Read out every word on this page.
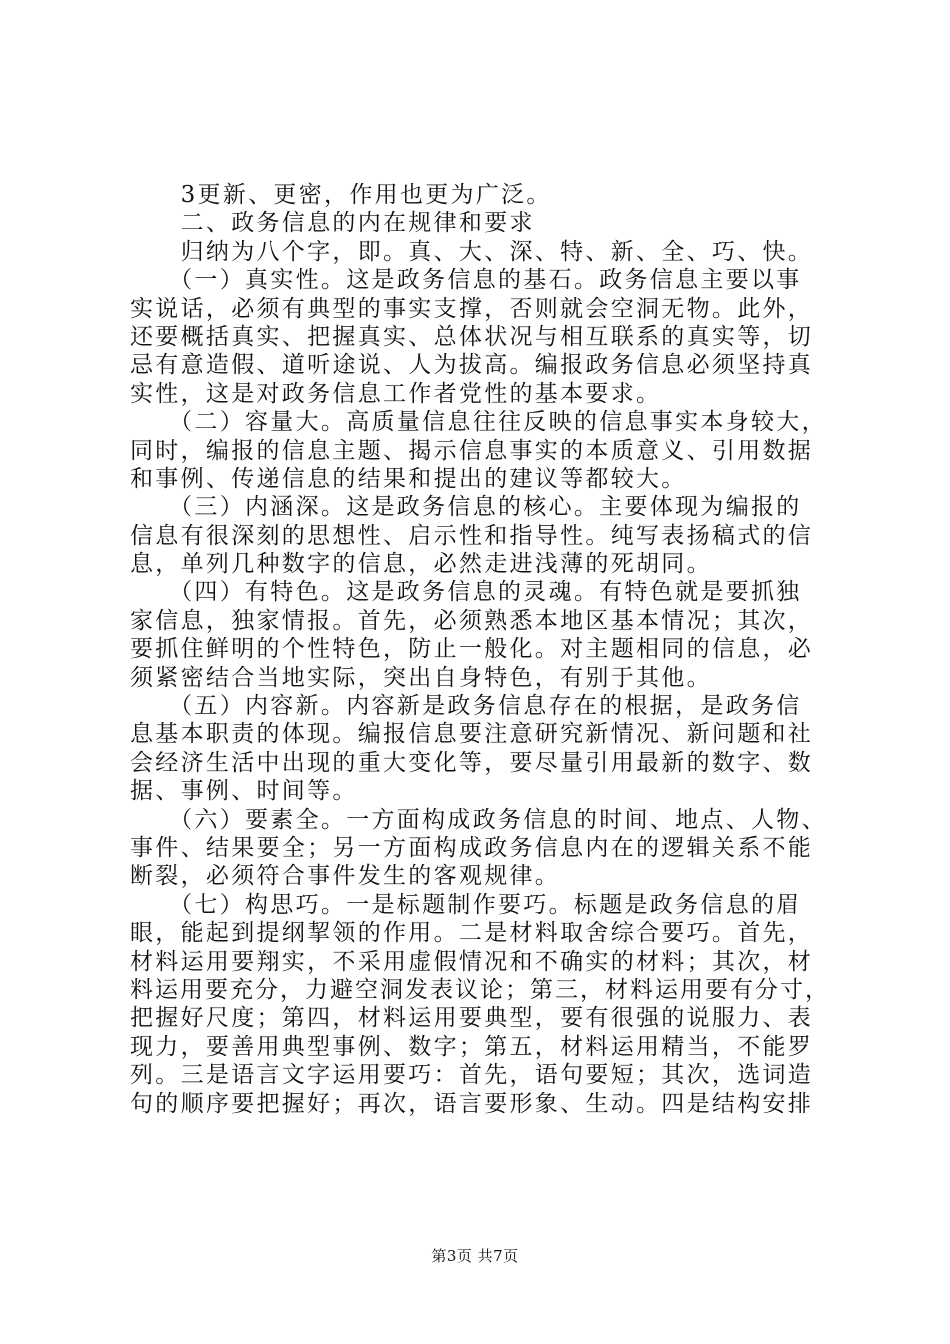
　　3更新、更密，作用也更为广泛。
　　二、政务信息的内在规律和要求
　　归纳为八个字，即。真、大、深、特、新、全、巧、快。
　　（一）真实性。这是政务信息的基石。政务信息主要以事
实说话，必须有典型的事实支撑，否则就会空洞无物。此外，
还要概括真实、把握真实、总体状况与相互联系的真实等，切
忌有意造假、道听途说、人为拔高。编报政务信息必须坚持真
实性，这是对政务信息工作者党性的基本要求。
　　（二）容量大。高质量信息往往反映的信息事实本身较大，
同时，编报的信息主题、揭示信息事实的本质意义、引用数据
和事例、传递信息的结果和提出的建议等都较大。
　　（三）内涵深。这是政务信息的核心。主要体现为编报的
信息有很深刻的思想性、启示性和指导性。纯写表扬稿式的信
息，单列几种数字的信息，必然走进浅薄的死胡同。
　　（四）有特色。这是政务信息的灵魂。有特色就是要抓独
家信息，独家情报。首先，必须熟悉本地区基本情况；其次，
要抓住鲜明的个性特色，防止一般化。对主题相同的信息，必
须紧密结合当地实际，突出自身特色，有别于其他。
　　（五）内容新。内容新是政务信息存在的根据，是政务信
息基本职责的体现。编报信息要注意研究新情况、新问题和社
会经济生活中出现的重大变化等，要尽量引用最新的数字、数
据、事例、时间等。
　　（六）要素全。一方面构成政务信息的时间、地点、人物、
事件、结果要全；另一方面构成政务信息内在的逻辑关系不能
断裂，必须符合事件发生的客观规律。
　　（七）构思巧。一是标题制作要巧。标题是政务信息的眉
眼，能起到提纲挈领的作用。二是材料取舍综合要巧。首先，
材料运用要翔实，不采用虚假情况和不确实的材料；其次，材
料运用要充分，力避空洞发表议论；第三，材料运用要有分寸，
把握好尺度；第四，材料运用要典型，要有很强的说服力、表
现力，要善用典型事例、数字；第五，材料运用精当，不能罗
列。三是语言文字运用要巧：首先，语句要短；其次，选词造
句的顺序要把握好；再次，语言要形象、生动。四是结构安排
第3页 共7页
